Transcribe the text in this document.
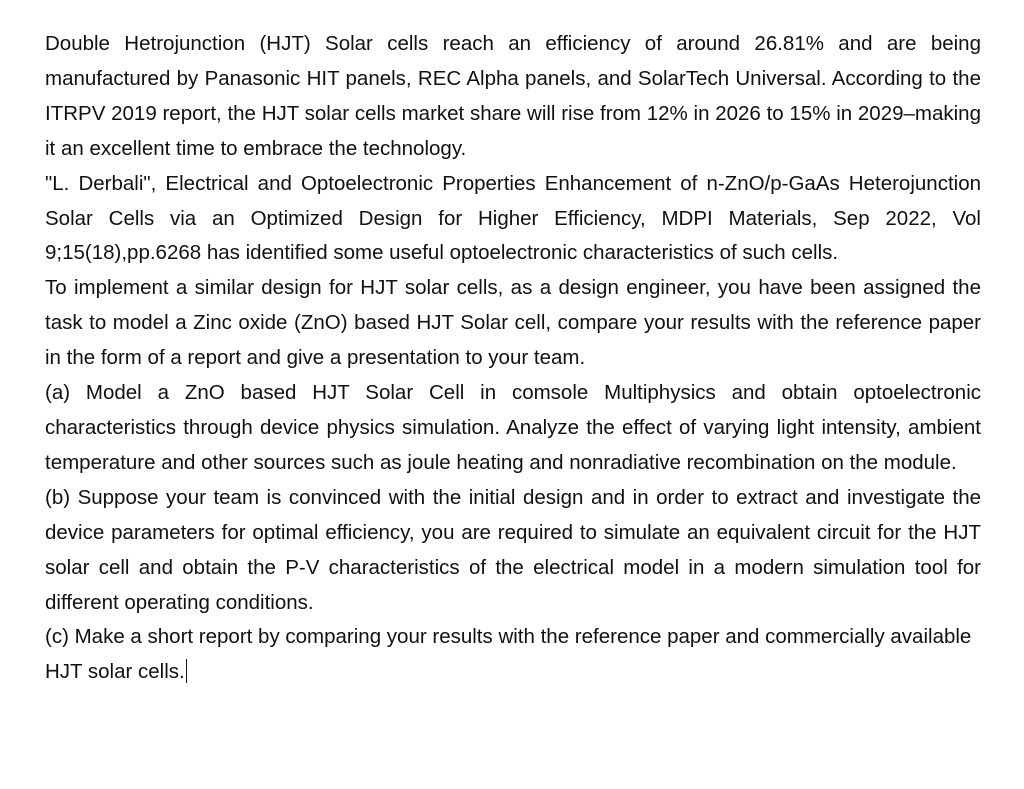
Double Hetrojunction (HJT) Solar cells reach an efficiency of around 26.81% and are being manufactured by Panasonic HIT panels, REC Alpha panels, and SolarTech Universal. According to the ITRPV 2019 report, the HJT solar cells market share will rise from 12% in 2026 to 15% in 2029–making it an excellent time to embrace the technology.

"L. Derbali", Electrical and Optoelectronic Properties Enhancement of n-ZnO/p-GaAs Heterojunction Solar Cells via an Optimized Design for Higher Efficiency, MDPI Materials, Sep 2022, Vol 9;15(18),pp.6268 has identified some useful optoelectronic characteristics of such cells.

To implement a similar design for HJT solar cells, as a design engineer, you have been assigned the task to model a Zinc oxide (ZnO) based HJT Solar cell, compare your results with the reference paper in the form of a report and give a presentation to your team.

(a) Model a ZnO based HJT Solar Cell in comsole Multiphysics and obtain optoelectronic characteristics through device physics simulation. Analyze the effect of varying light intensity, ambient temperature and other sources such as joule heating and nonradiative recombination on the module.

(b) Suppose your team is convinced with the initial design and in order to extract and investigate the device parameters for optimal efficiency, you are required to simulate an equivalent circuit for the HJT solar cell and obtain the P-V characteristics of the electrical model in a modern simulation tool for different operating conditions.

(c) Make a short report by comparing your results with the reference paper and commercially available HJT solar cells.
